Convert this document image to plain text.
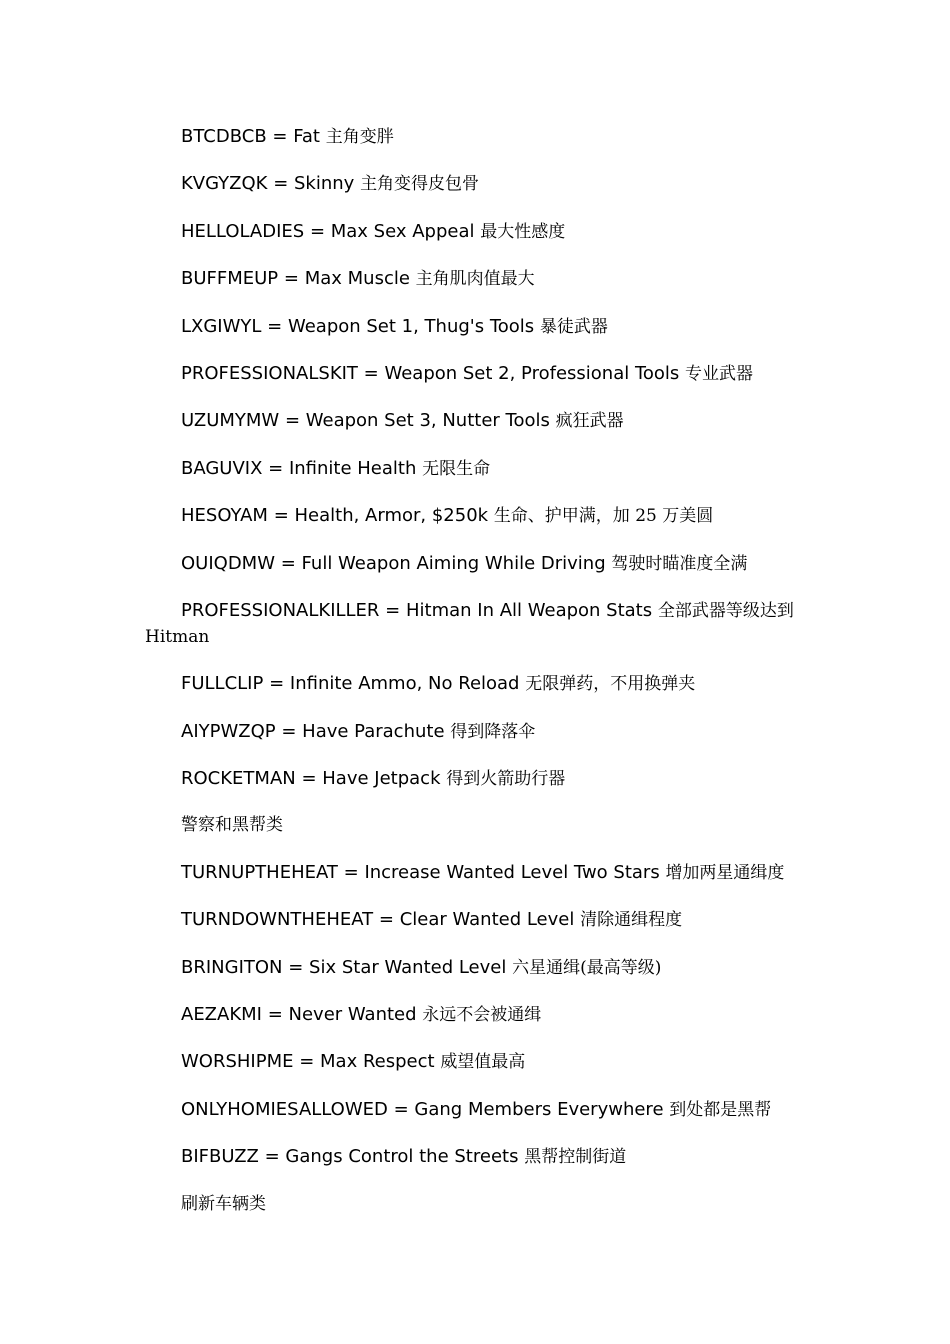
BTCDBCB = Fat 主角变胖

KVGYZQK = Skinny 主角变得皮包骨

HELLOLADIES = Max Sex Appeal 最大性感度

BUFFMEUP = Max Muscle 主角肌肉值最大

LXGIWYL = Weapon Set 1, Thug's Tools 暴徒武器

PROFESSIONALSKIT = Weapon Set 2, Professional Tools 专业武器

UZUMYMW = Weapon Set 3, Nutter Tools 疯狂武器

BAGUVIX = Infinite Health 无限生命

HESOYAM = Health, Armor, $250k 生命、护甲满，加 25 万美圆

OUIQDMW = Full Weapon Aiming While Driving 驾驶时瞄准度全满

PROFESSIONALKILLER = Hitman In All Weapon Stats 全部武器等级达到 Hitman

FULLCLIP = Infinite Ammo, No Reload 无限弹药，不用换弹夹

AIYPWZQP = Have Parachute 得到降落伞

ROCKETMAN = Have Jetpack 得到火箭助行器

警察和黑帮类

TURNUPTHEHEAT = Increase Wanted Level Two Stars 增加两星通缉度

TURNDOWNTHEHEAT = Clear Wanted Level 清除通缉程度

BRINGITON = Six Star Wanted Level 六星通缉(最高等级)

AEZAKMI = Never Wanted 永远不会被通缉

WORSHIPME = Max Respect 威望值最高

ONLYHOMIESALLOWED = Gang Members Everywhere 到处都是黑帮

BIFBUZZ = Gangs Control the Streets 黑帮控制街道

刷新车辆类
